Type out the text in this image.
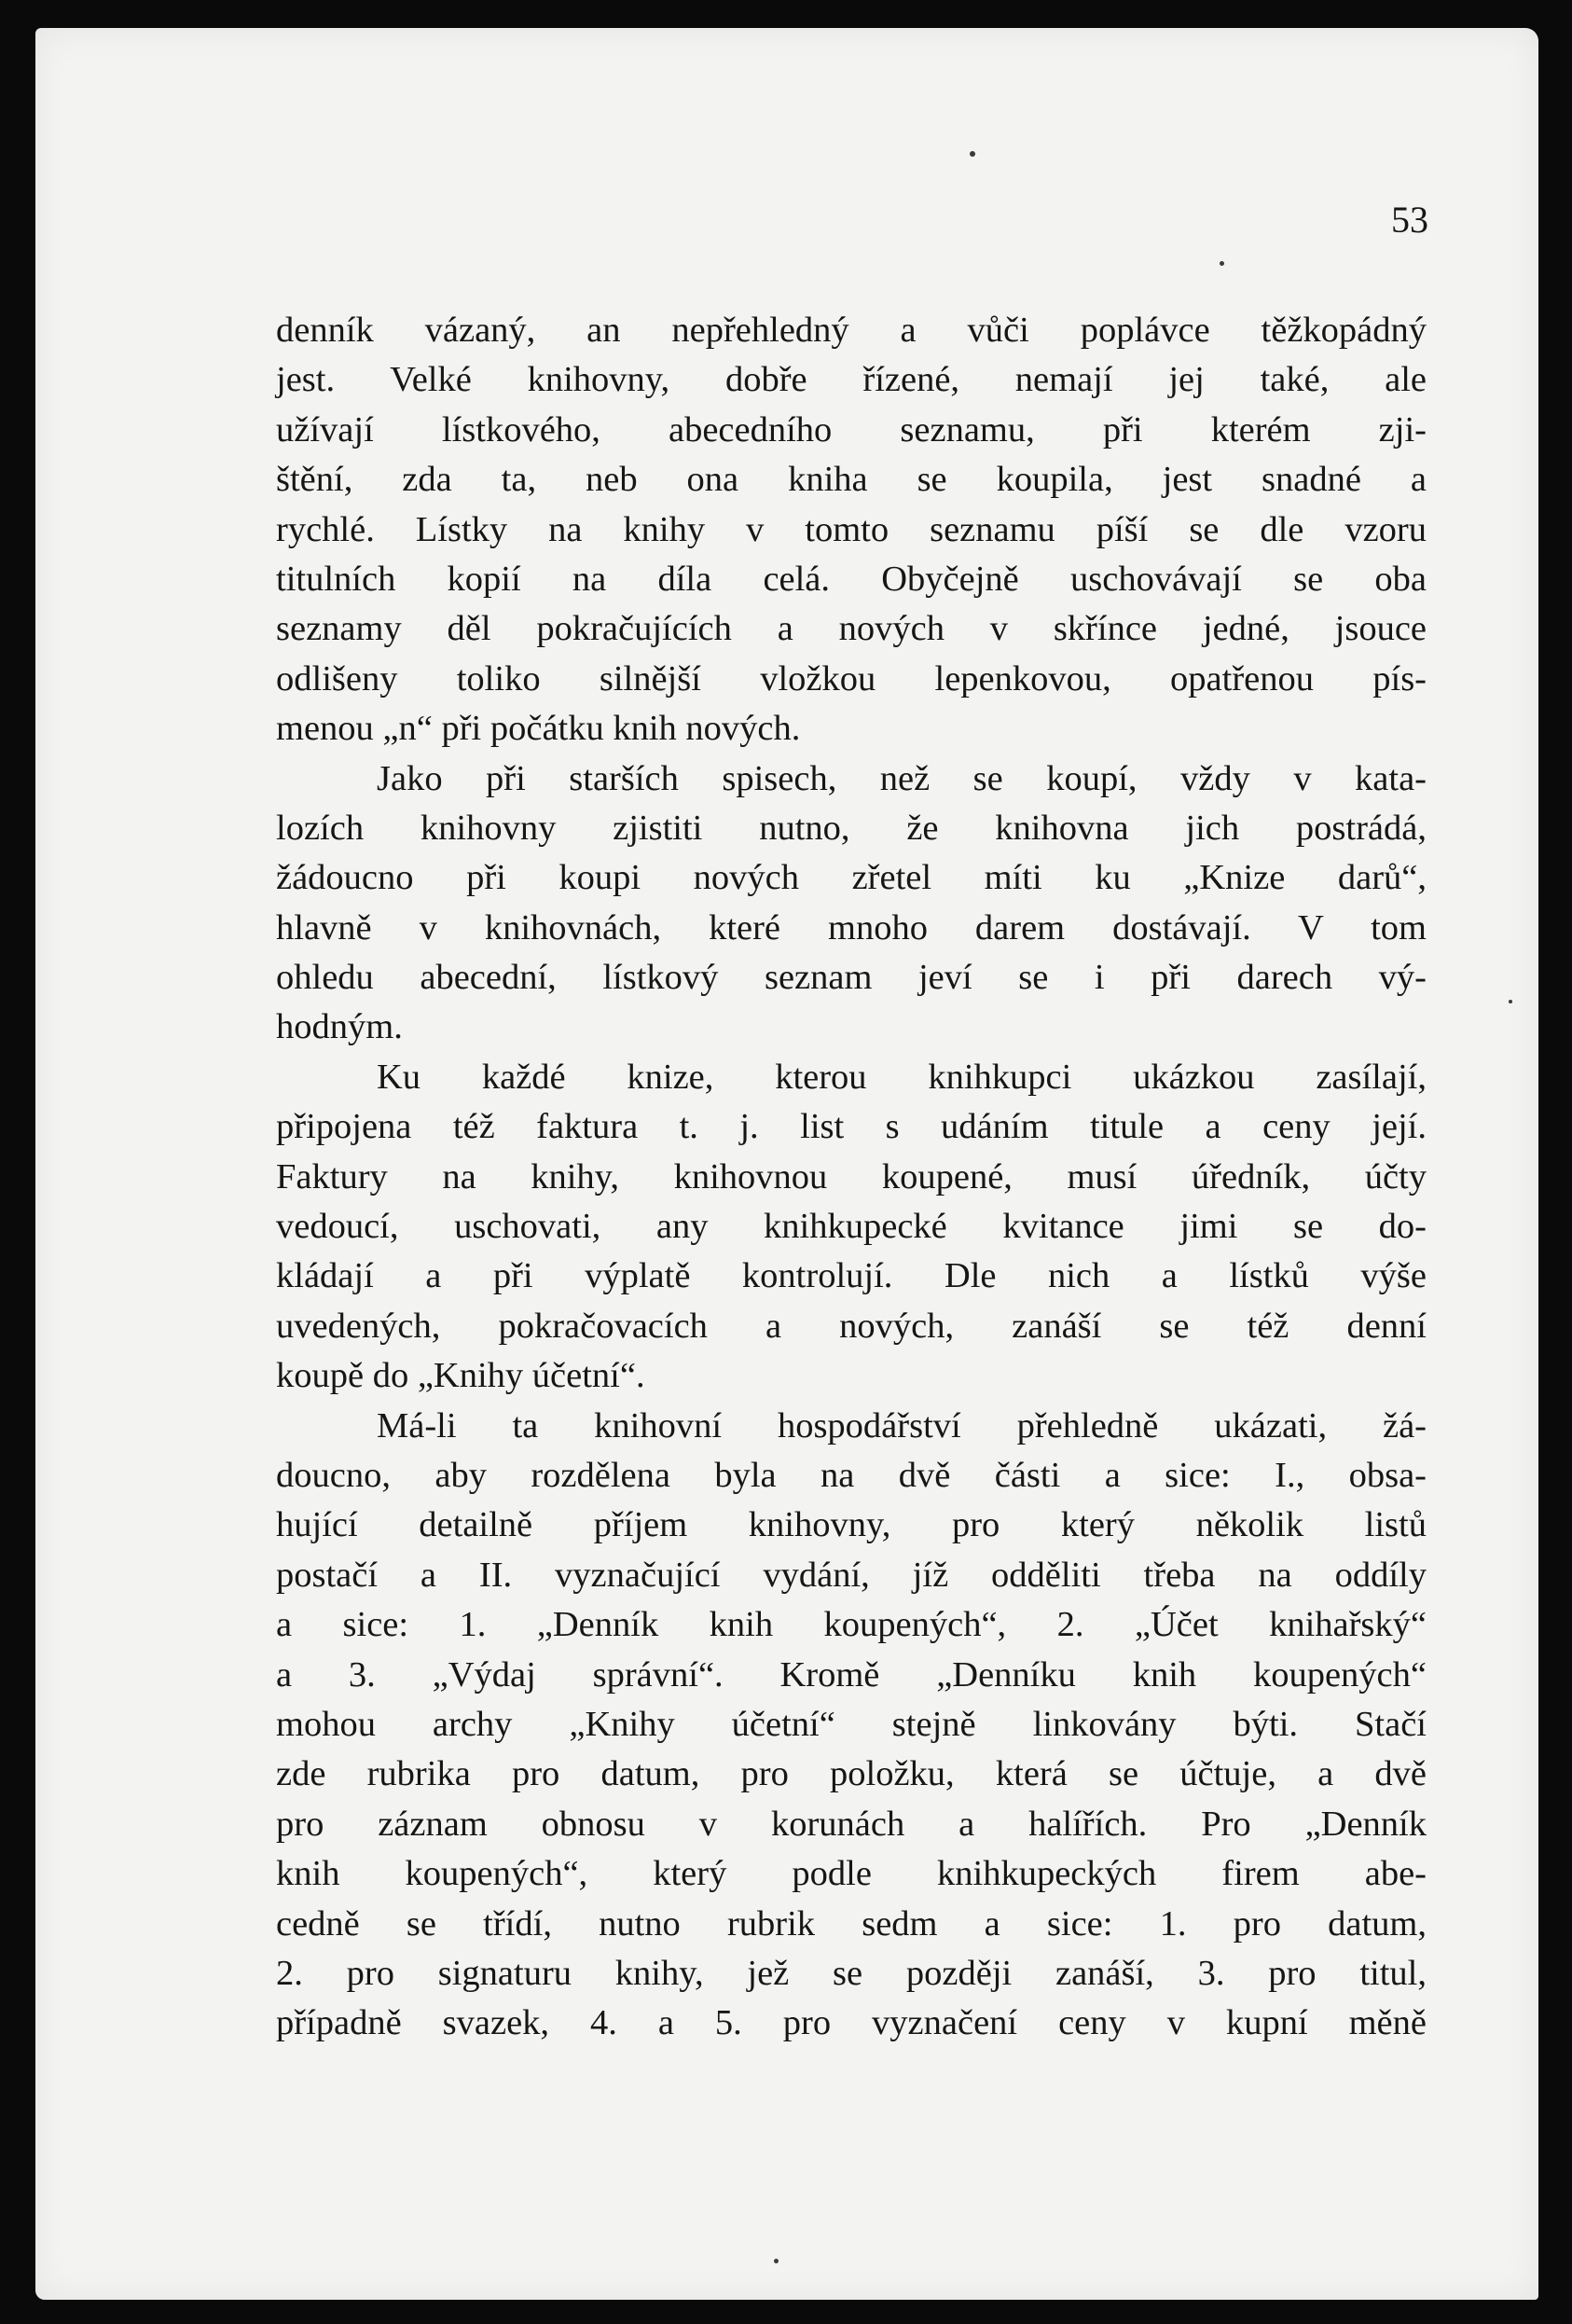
53
denník vázaný, an nepřehledný a vůči poplávce těžkopádný
jest. Velké knihovny, dobře řízené, nemají jej také, ale
užívají lístkového, abecedního seznamu, při kterém zji-
štění, zda ta, neb ona kniha se koupila, jest snadné a
rychlé. Lístky na knihy v tomto seznamu píší se dle vzoru
titulních kopií na díla celá. Obyčejně uschovávají se oba
seznamy děl pokračujících a nových v skřínce jedné, jsouce
odlišeny toliko silnější vložkou lepenkovou, opatřenou pís-
menou „n“ při počátku knih nových.
Jako při starších spisech, než se koupí, vždy v kata-
lozích knihovny zjistiti nutno, že knihovna jich postrádá,
žádoucno při koupi nových zřetel míti ku „Knize darů“,
hlavně v knihovnách, které mnoho darem dostávají. V tom
ohledu abecední, lístkový seznam jeví se i při darech vý-
hodným.
Ku každé knize, kterou knihkupci ukázkou zasílají,
připojena též faktura t. j. list s udáním titule a ceny její.
Faktury na knihy, knihovnou koupené, musí úředník, účty
vedoucí, uschovati, any knihkupecké kvitance jimi se do-
kládají a při výplatě kontrolují. Dle nich a lístků výše
uvedených, pokračovacích a nových, zanáší se též denní
koupě do „Knihy účetní“.
Má-li ta knihovní hospodářství přehledně ukázati, žá-
doucno, aby rozdělena byla na dvě části a sice: I., obsa-
hující detailně příjem knihovny, pro který několik listů
postačí a II. vyznačující vydání, jíž odděliti třeba na oddíly
a sice: 1. „Denník knih koupených“, 2. „Účet knihařský“
a 3. „Výdaj správní“. Kromě „Denníku knih koupených“
mohou archy „Knihy účetní“ stejně linkovány býti. Stačí
zde rubrika pro datum, pro položku, která se účtuje, a dvě
pro záznam obnosu v korunách a halířích. Pro „Denník
knih koupených“, který podle knihkupeckých firem abe-
cedně se třídí, nutno rubrik sedm a sice: 1. pro datum,
2. pro signaturu knihy, jež se později zanáší, 3. pro titul,
případně svazek, 4. a 5. pro vyznačení ceny v kupní měně
